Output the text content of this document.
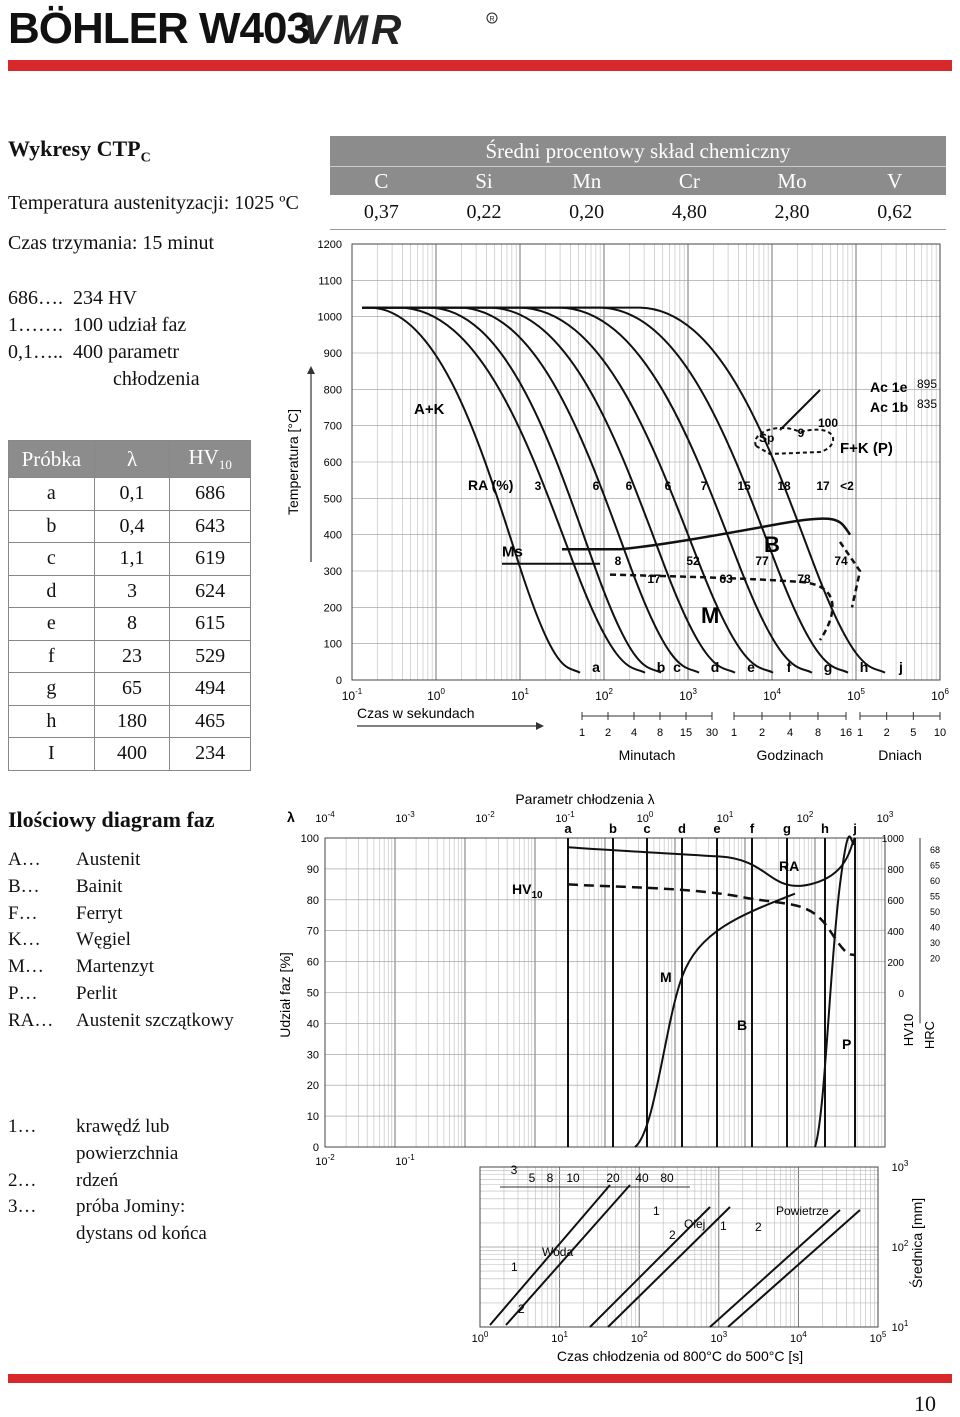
BÖHLER W403
VMR	R
Wykresy $CTP_C$
Temperatura austenityzacji: 1025 ºC
Czas trzymania: 15 minut
686…. 234 HV
1……. 100 udział faz
0,1….. 400 parametr
chłodzenia
Próbka	λ	$HV_{10}$
a	0,1	686
b	0,4	643
c	1,1	619
d	3	624
e	8	615
f	23	529
g	65	494
h	180	465
I	400	234
Ilościowy diagram faz
A…	Austenit
B…	Bainit
F…	Ferryt
K…	Węgiel
M…	Martenzyt
P…	Perlit
RA…	Austenit szczątkowy
1…	krawędź lub
powierzchnia
2…	rdzeń
3…	próba Jominy:
dystans od końca
Średni procentowy skład chemiczny
C	Si	Mn	Cr	Mo	V
0,37	0,22	0,20	4,80	2,80	0,62
0
100
200
300
400
500
600
700
800
900
1000
1100
1200
$10^{-1}$	$10^0$	$10^1$	$10^2$	$10^3$	$10^4$	$10^5$	$10^6$
Temperatura [°C]
Czas w sekundach
1 2 4 8 15 30
Minutach
1 2 4 8 16
Godzinach
1 2 5 10
Dniach
a	b c d e f g h j
Ms
Ac 1e 895
Ac 1b 835
A+K
F+K (P)
B
M
Sp
RA (%) 3	6 6	6 7 15 18 17 <2
8
17
52
63
77
78
74
9
100
0
10
20
30
40
50
60
70
80
90
100
Udział faz [%]
Parametr chłodzenia λ
λ $10^{-4}$	$10^{-3}$	$10^{-2}$	$10^{-1}$	$10^0$	$10^1$	$10^2$	$10^3$
a	b c d e f g h j
$10^{-2}$	$10^{-1}$
1000
800
600
400
200
0
68
65
60
55
50
40
30
20
HV10 HRC
RA
M
B
P
$HV_{10}$
$10^0$	$10^1$	$10^2$	$10^3$	$10^4$	$10^5$
Czas chłodzenia od 800°C do 500°C [s]
$10^1$
$10^2$
$10^3$
Średnica [mm]
3
5 8 10 20 40 80
Woda
Olej
Powietrze
1
2
1
2
1 2
10
